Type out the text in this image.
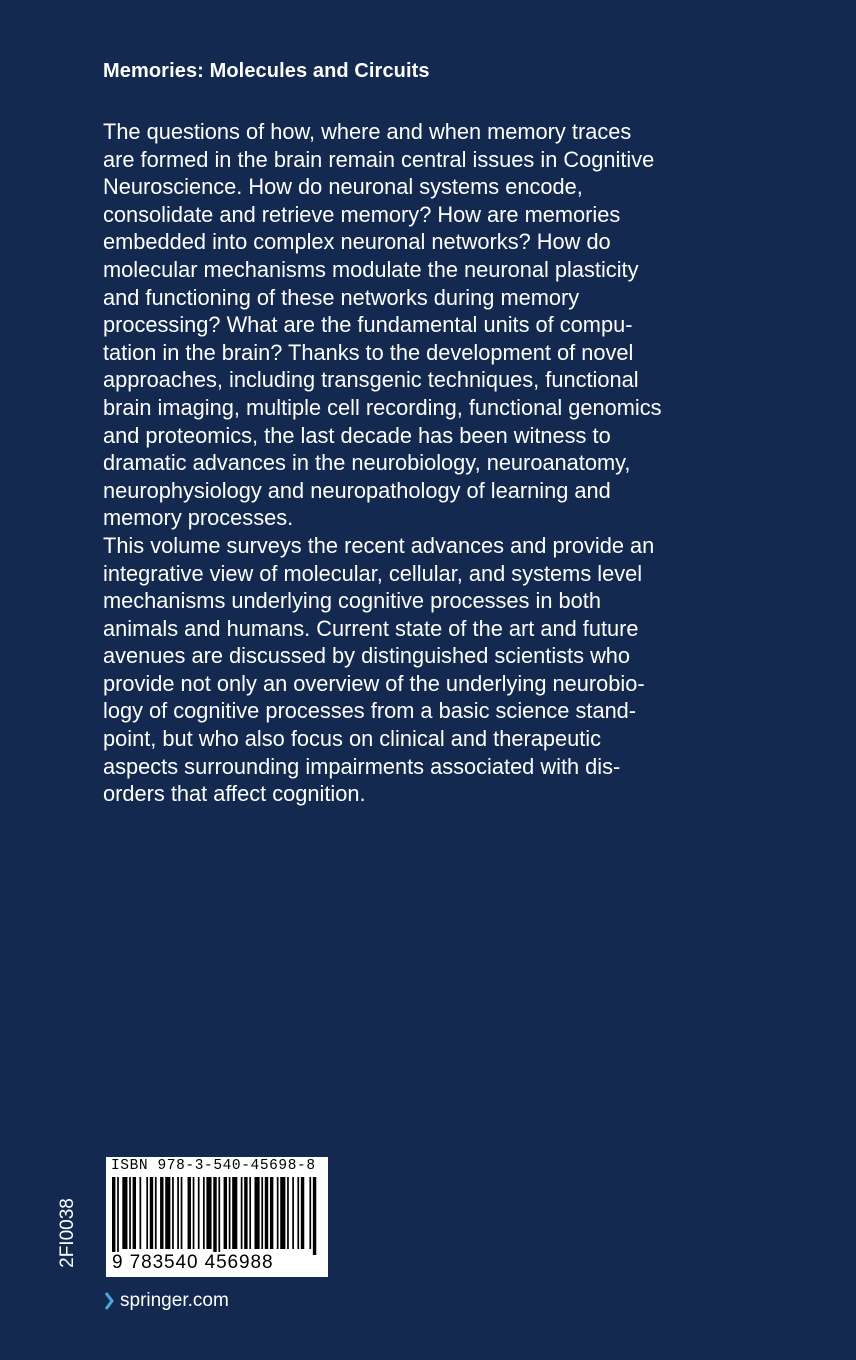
Memories: Molecules and Circuits

The questions of how, where and when memory traces
are formed in the brain remain central issues in Cognitive
Neuroscience. How do neuronal systems encode,
consolidate and retrieve memory? How are memories
embedded into complex neuronal networks? How do
molecular mechanisms modulate the neuronal plasticity
and functioning of these networks during memory
processing? What are the fundamental units of compu-
tation in the brain? Thanks to the development of novel
approaches, including transgenic techniques, functional
brain imaging, multiple cell recording, functional genomics
and proteomics, the last decade has been witness to
dramatic advances in the neurobiology, neuroanatomy,
neurophysiology and neuropathology of learning and
memory processes.

This volume surveys the recent advances and provide an
integrative view of molecular, cellular, and systems level
mechanisms underlying cognitive processes in both
animals and humans. Current state of the art and future
avenues are discussed by distinguished scientists who
provide not only an overview of the underlying neurobio-
logy of cognitive processes from a basic science stand-
point, but who also focus on clinical and therapeutic
aspects surrounding impairments associated with dis-
orders that affect cognition.

2FI0038
ISBN 978-3-540-45698-8
9 783540 456988
springer.com
